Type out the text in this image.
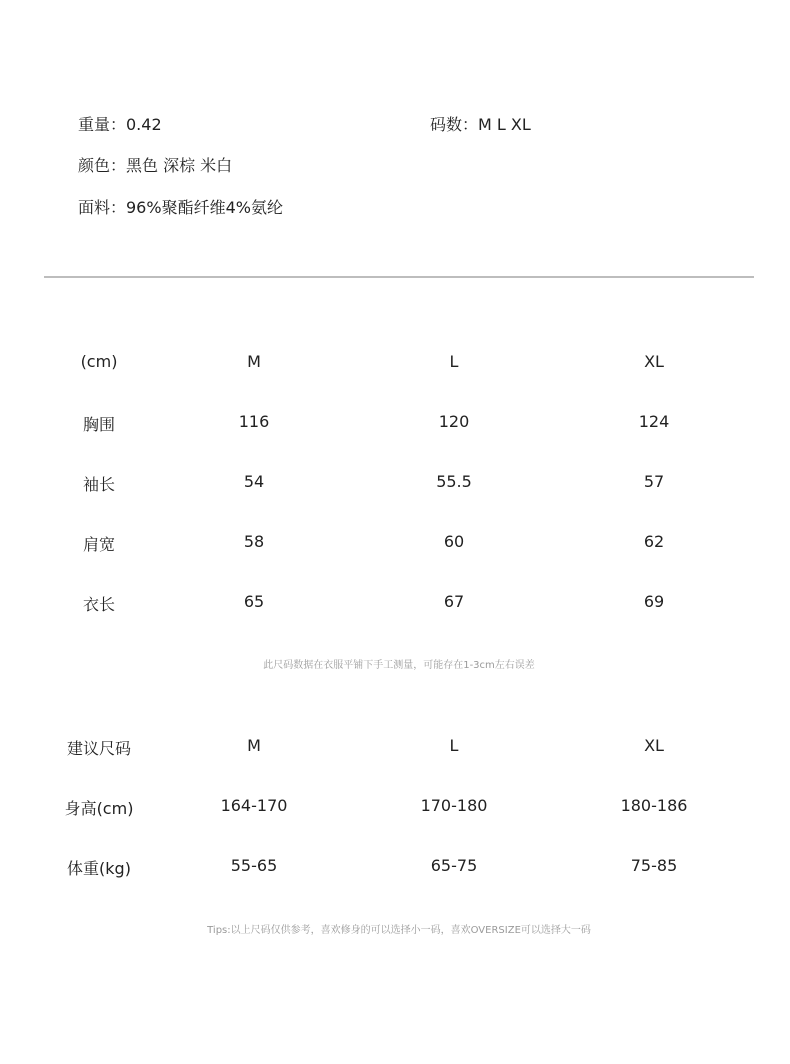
重量：0.42	码数：M L XL
颜色：黑色 深棕 米白
面料：96%聚酯纤维4%氨纶
(cm)	M	L	XL
胸围	116	120	124
袖长	54	55.5	57
肩宽	58	60	62
衣长	65	67	69
此尺码数据在衣服平铺下手工测量，可能存在1-3cm左右误差
建议尺码	M	L	XL
身高(cm)	164-170	170-180	180-186
体重(kg)	55-65	65-75	75-85
Tips:以上尺码仅供参考，喜欢修身的可以选择小一码，喜欢OVERSIZE可以选择大一码
